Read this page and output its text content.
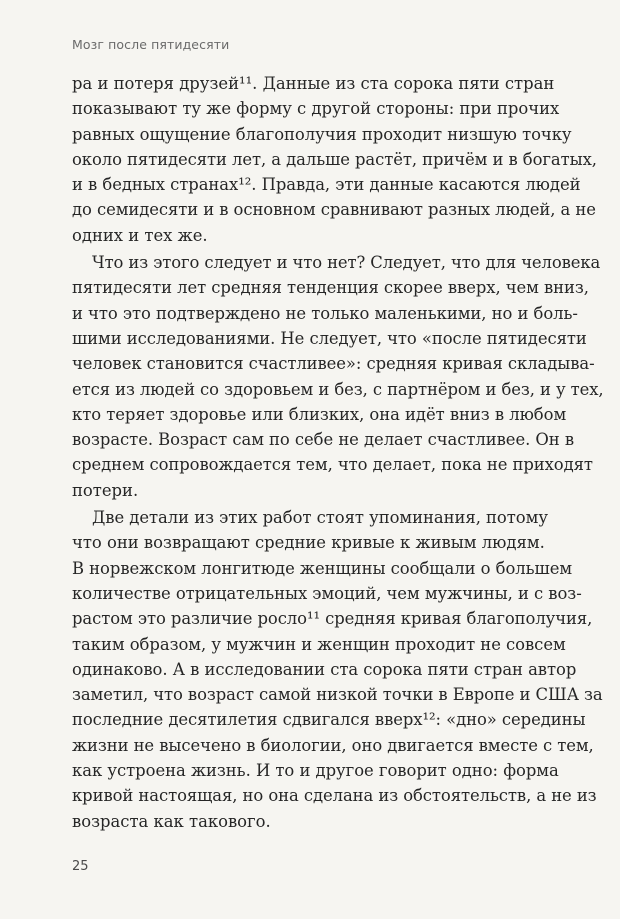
Мозг после пятидесяти
ра и потеря друзей¹¹. Данные из ста сорока пяти стран
показывают ту же форму с другой стороны: при прочих
равных ощущение благополучия проходит низшую точку
около пятидесяти лет, а дальше растёт, причём и в богатых,
и в бедных странах¹². Правда, эти данные касаются людей
до семидесяти и в основном сравнивают разных людей, а не
одних и тех же.
Что из этого следует и что нет? Следует, что для человека
пятидесяти лет средняя тенденция скорее вверх, чем вниз,
и что это подтверждено не только маленькими, но и боль-
шими исследованиями. Не следует, что «после пятидесяти
человек становится счастливее»: средняя кривая складыва-
ется из людей со здоровьем и без, с партнёром и без, и у тех,
кто теряет здоровье или близких, она идёт вниз в любом
возрасте. Возраст сам по себе не делает счастливее. Он в
среднем сопровождается тем, что делает, пока не приходят
потери.
Две детали из этих работ стоят упоминания, потому
что они возвращают средние кривые к живым людям.
В норвежском лонгитюде женщины сообщали о большем
количестве отрицательных эмоций, чем мужчины, и с воз-
растом это различие росло¹¹ средняя кривая благополучия,
таким образом, у мужчин и женщин проходит не совсем
одинаково. А в исследовании ста сорока пяти стран автор
заметил, что возраст самой низкой точки в Европе и США за
последние десятилетия сдвигался вверх¹²: «дно» середины
жизни не высечено в биологии, оно двигается вместе с тем,
как устроена жизнь. И то и другое говорит одно: форма
кривой настоящая, но она сделана из обстоятельств, а не из
возраста как такового.
25
